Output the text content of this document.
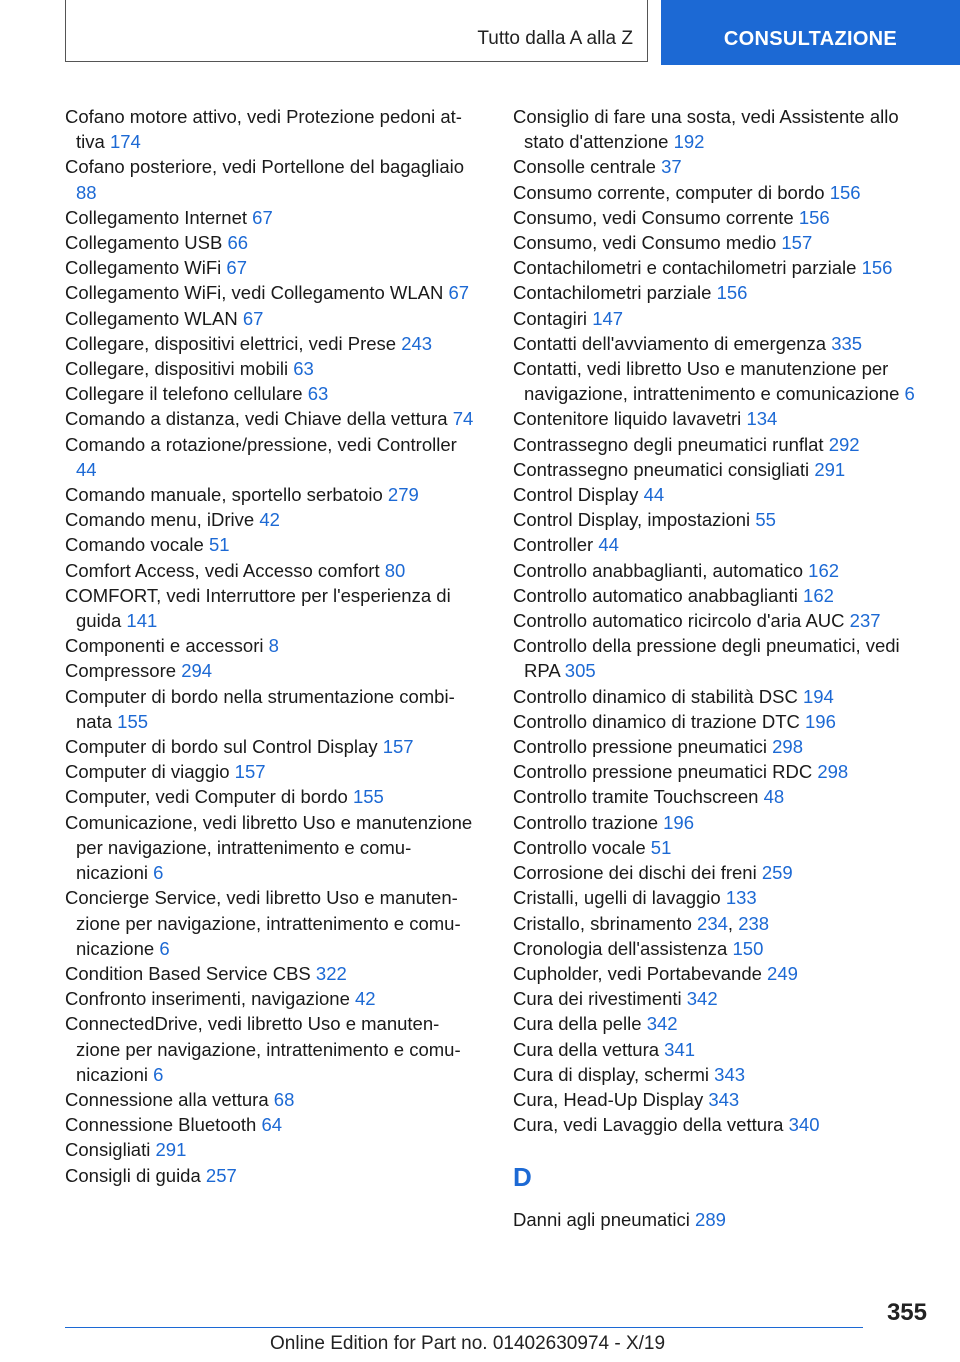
Tutto dalla A alla Z	CONSULTAZIONE

Cofano motore attivo, vedi Protezione pedoni attiva 174

Cofano posteriore, vedi Portellone del bagagliaio 88

Collegamento Internet 67

Collegamento USB 66

Collegamento WiFi 67

Collegamento WiFi, vedi Collegamento WLAN 67

Collegamento WLAN 67

Collegare, dispositivi elettrici, vedi Prese 243

Collegare, dispositivi mobili 63

Collegare il telefono cellulare 63

Comando a distanza, vedi Chiave della vettura 74

Comando a rotazione/pressione, vedi Controller 44

Comando manuale, sportello serbatoio 279

Comando menu, iDrive 42

Comando vocale 51

Comfort Access, vedi Accesso comfort 80

COMFORT, vedi Interruttore per l'esperienza di guida 141

Componenti e accessori 8

Compressore 294

Computer di bordo nella strumentazione combinata 155

Computer di bordo sul Control Display 157

Computer di viaggio 157

Computer, vedi Computer di bordo 155

Comunicazione, vedi libretto Uso e manutenzione per navigazione, intrattenimento e comunicazioni 6

Concierge Service, vedi libretto Uso e manutenzione per navigazione, intrattenimento e comunicazione 6

Condition Based Service CBS 322

Confronto inserimenti, navigazione 42

ConnectedDrive, vedi libretto Uso e manutenzione per navigazione, intrattenimento e comunicazioni 6

Connessione alla vettura 68

Connessione Bluetooth 64

Consigliati 291

Consigli di guida 257

Consiglio di fare una sosta, vedi Assistente allo stato d'attenzione 192

Consolle centrale 37

Consumo corrente, computer di bordo 156

Consumo, vedi Consumo corrente 156

Consumo, vedi Consumo medio 157

Contachilometri e contachilometri parziale 156

Contachilometri parziale 156

Contagiri 147

Contatti dell'avviamento di emergenza 335

Contatti, vedi libretto Uso e manutenzione per navigazione, intrattenimento e comunicazione 6

Contenitore liquido lavavetri 134

Contrassegno degli pneumatici runflat 292

Contrassegno pneumatici consigliati 291

Control Display 44

Control Display, impostazioni 55

Controller 44

Controllo anabbaglianti, automatico 162

Controllo automatico anabbaglianti 162

Controllo automatico ricircolo d'aria AUC 237

Controllo della pressione degli pneumatici, vedi RPA 305

Controllo dinamico di stabilità DSC 194

Controllo dinamico di trazione DTC 196

Controllo pressione pneumatici 298

Controllo pressione pneumatici RDC 298

Controllo tramite Touchscreen 48

Controllo trazione 196

Controllo vocale 51

Corrosione dei dischi dei freni 259

Cristalli, ugelli di lavaggio 133

Cristallo, sbrinamento 234, 238

Cronologia dell'assistenza 150

Cupholder, vedi Portabevande 249

Cura dei rivestimenti 342

Cura della pelle 342

Cura della vettura 341

Cura di display, schermi 343

Cura, Head-Up Display 343

Cura, vedi Lavaggio della vettura 340

D

Danni agli pneumatici 289

355
Online Edition for Part no. 01402630974 - X/19
